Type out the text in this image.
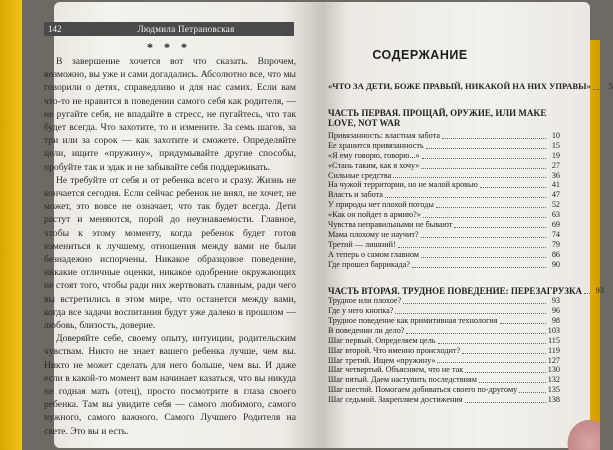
142	Людмила Петрановская
* * *

В завершение хочется вот что сказать. Впрочем, возможно, вы уже и сами догадались. Абсолютно все, что мы говорили о детях, справедливо и для нас самих. Если вам что-то не нравится в поведении самого себя как родителя, — не ругайте себя, не впадайте в стресс, не пугайтесь, что так будет всегда. Что захотите, то и измените. За семь шагов, за три или за сорок — как захотите и сможете. Определяйте цели, ищите «пружину», придумывайте другие способы, пробуйте так и эдак и не забывайте себя поддерживать.

Не требуйте от себя и от ребенка всего и сразу. Жизнь не кончается сегодня. Если сейчас ребенок не внял, не хочет, не может, это вовсе не означает, что так будет всегда. Дети растут и меняются, порой до неузнаваемости. Главное, чтобы к этому моменту, когда ребенок будет готов измениться к лучшему, отношения между вами не были безнадежно испорчены. Никакое образцовое поведение, никакие отличные оценки, никакое одобрение окружающих не стоят того, чтобы ради них жертвовать главным, ради чего вы встретились в этом мире, что останется между вами, когда все задачи воспитания будут уже далеко в прошлом — любовь, близость, доверие.

Доверяйте себе, своему опыту, интуиции, родительским чувствам. Никто не знает вашего ребенка лучше, чем вы. Никто не может сделать для него больше, чем вы. И даже если в какой-то момент вам начинает казаться, что вы никуда не годная мать (отец), просто посмотрите в глаза своего ребенка. Там вы увидите себя — самого любимого, самого нужного, самого важного. Самого Лучшего Родителя на свете. Это вы и есть.

СОДЕРЖАНИЕ
«ЧТО ЗА ДЕТИ, БОЖЕ ПРАВЫЙ, НИКАКОЙ НА НИХ УПРАВЫ»	5
ЧАСТЬ ПЕРВАЯ. ПРОЩАЙ, ОРУЖИЕ, ИЛИ MAKE LOVE, NOT WAR
Привязанность: властная забота	10
Ее хранится привязанность	15
«Я ему говорю, говорю...»	19
«Стань таким, как я хочу»	27
Сильные средства	36
На чужой территории, но не малой кровью	41
Власть и забота	47
У природы нет плохой погоды	52
«Как он пойдет в армию?»	63
Чувства неправильными не бывают	69
Мама плохому не научит?	74
Третий — лишний!	79
А теперь о самом главном	86
Где прошел баррикада?	90
ЧАСТЬ ВТОРАЯ. ТРУДНОЕ ПОВЕДЕНИЕ: ПЕРЕЗАГРУЗКА	93
Трудное или плохое?	93
Где у него кнопка?	96
Трудное поведение как примитивная технология	98
В поведении ли дело?	103
Шаг первый. Определяем цель	115
Шаг второй. Что именно происходит?	119
Шаг третий. Ищем «пружину»	127
Шаг четвертый. Объясняем, что не так	130
Шаг пятый. Даем наступить последствиям	132
Шаг шестой. Помогаем добиваться своего по-другому	135
Шаг седьмой. Закрепляем достижения	138
